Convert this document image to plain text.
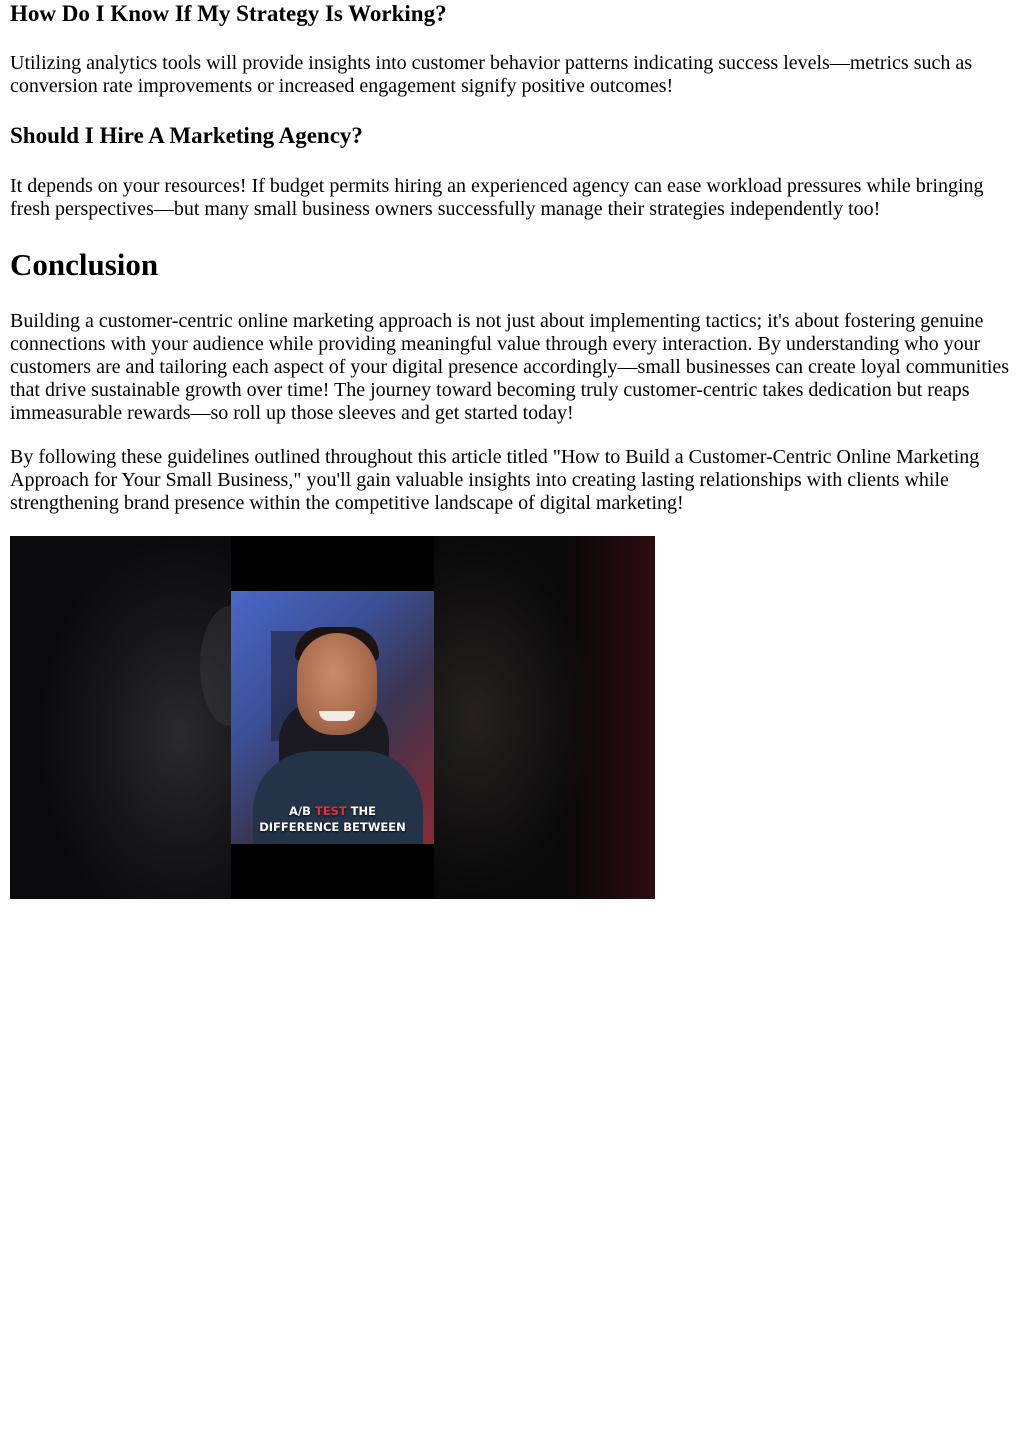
How Do I Know If My Strategy Is Working?

Utilizing analytics tools will provide insights into customer behavior patterns indicating success levels—metrics such as conversion rate improvements or increased engagement signify positive outcomes!

Should I Hire A Marketing Agency?

It depends on your resources! If budget permits hiring an experienced agency can ease workload pressures while bringing fresh perspectives—but many small business owners successfully manage their strategies independently too!

Conclusion

Building a customer-centric online marketing approach is not just about implementing tactics; it's about fostering genuine connections with your audience while providing meaningful value through every interaction. By understanding who your customers are and tailoring each aspect of your digital presence accordingly—small businesses can create loyal communities that drive sustainable growth over time! The journey toward becoming truly customer-centric takes dedication but reaps immeasurable rewards—so roll up those sleeves and get started today!

By following these guidelines outlined throughout this article titled "How to Build a Customer-Centric Online Marketing Approach for Your Small Business," you'll gain valuable insights into creating lasting relationships with clients while strengthening brand presence within the competitive landscape of digital marketing!

A/B TEST THE
DIFFERENCE BETWEEN
